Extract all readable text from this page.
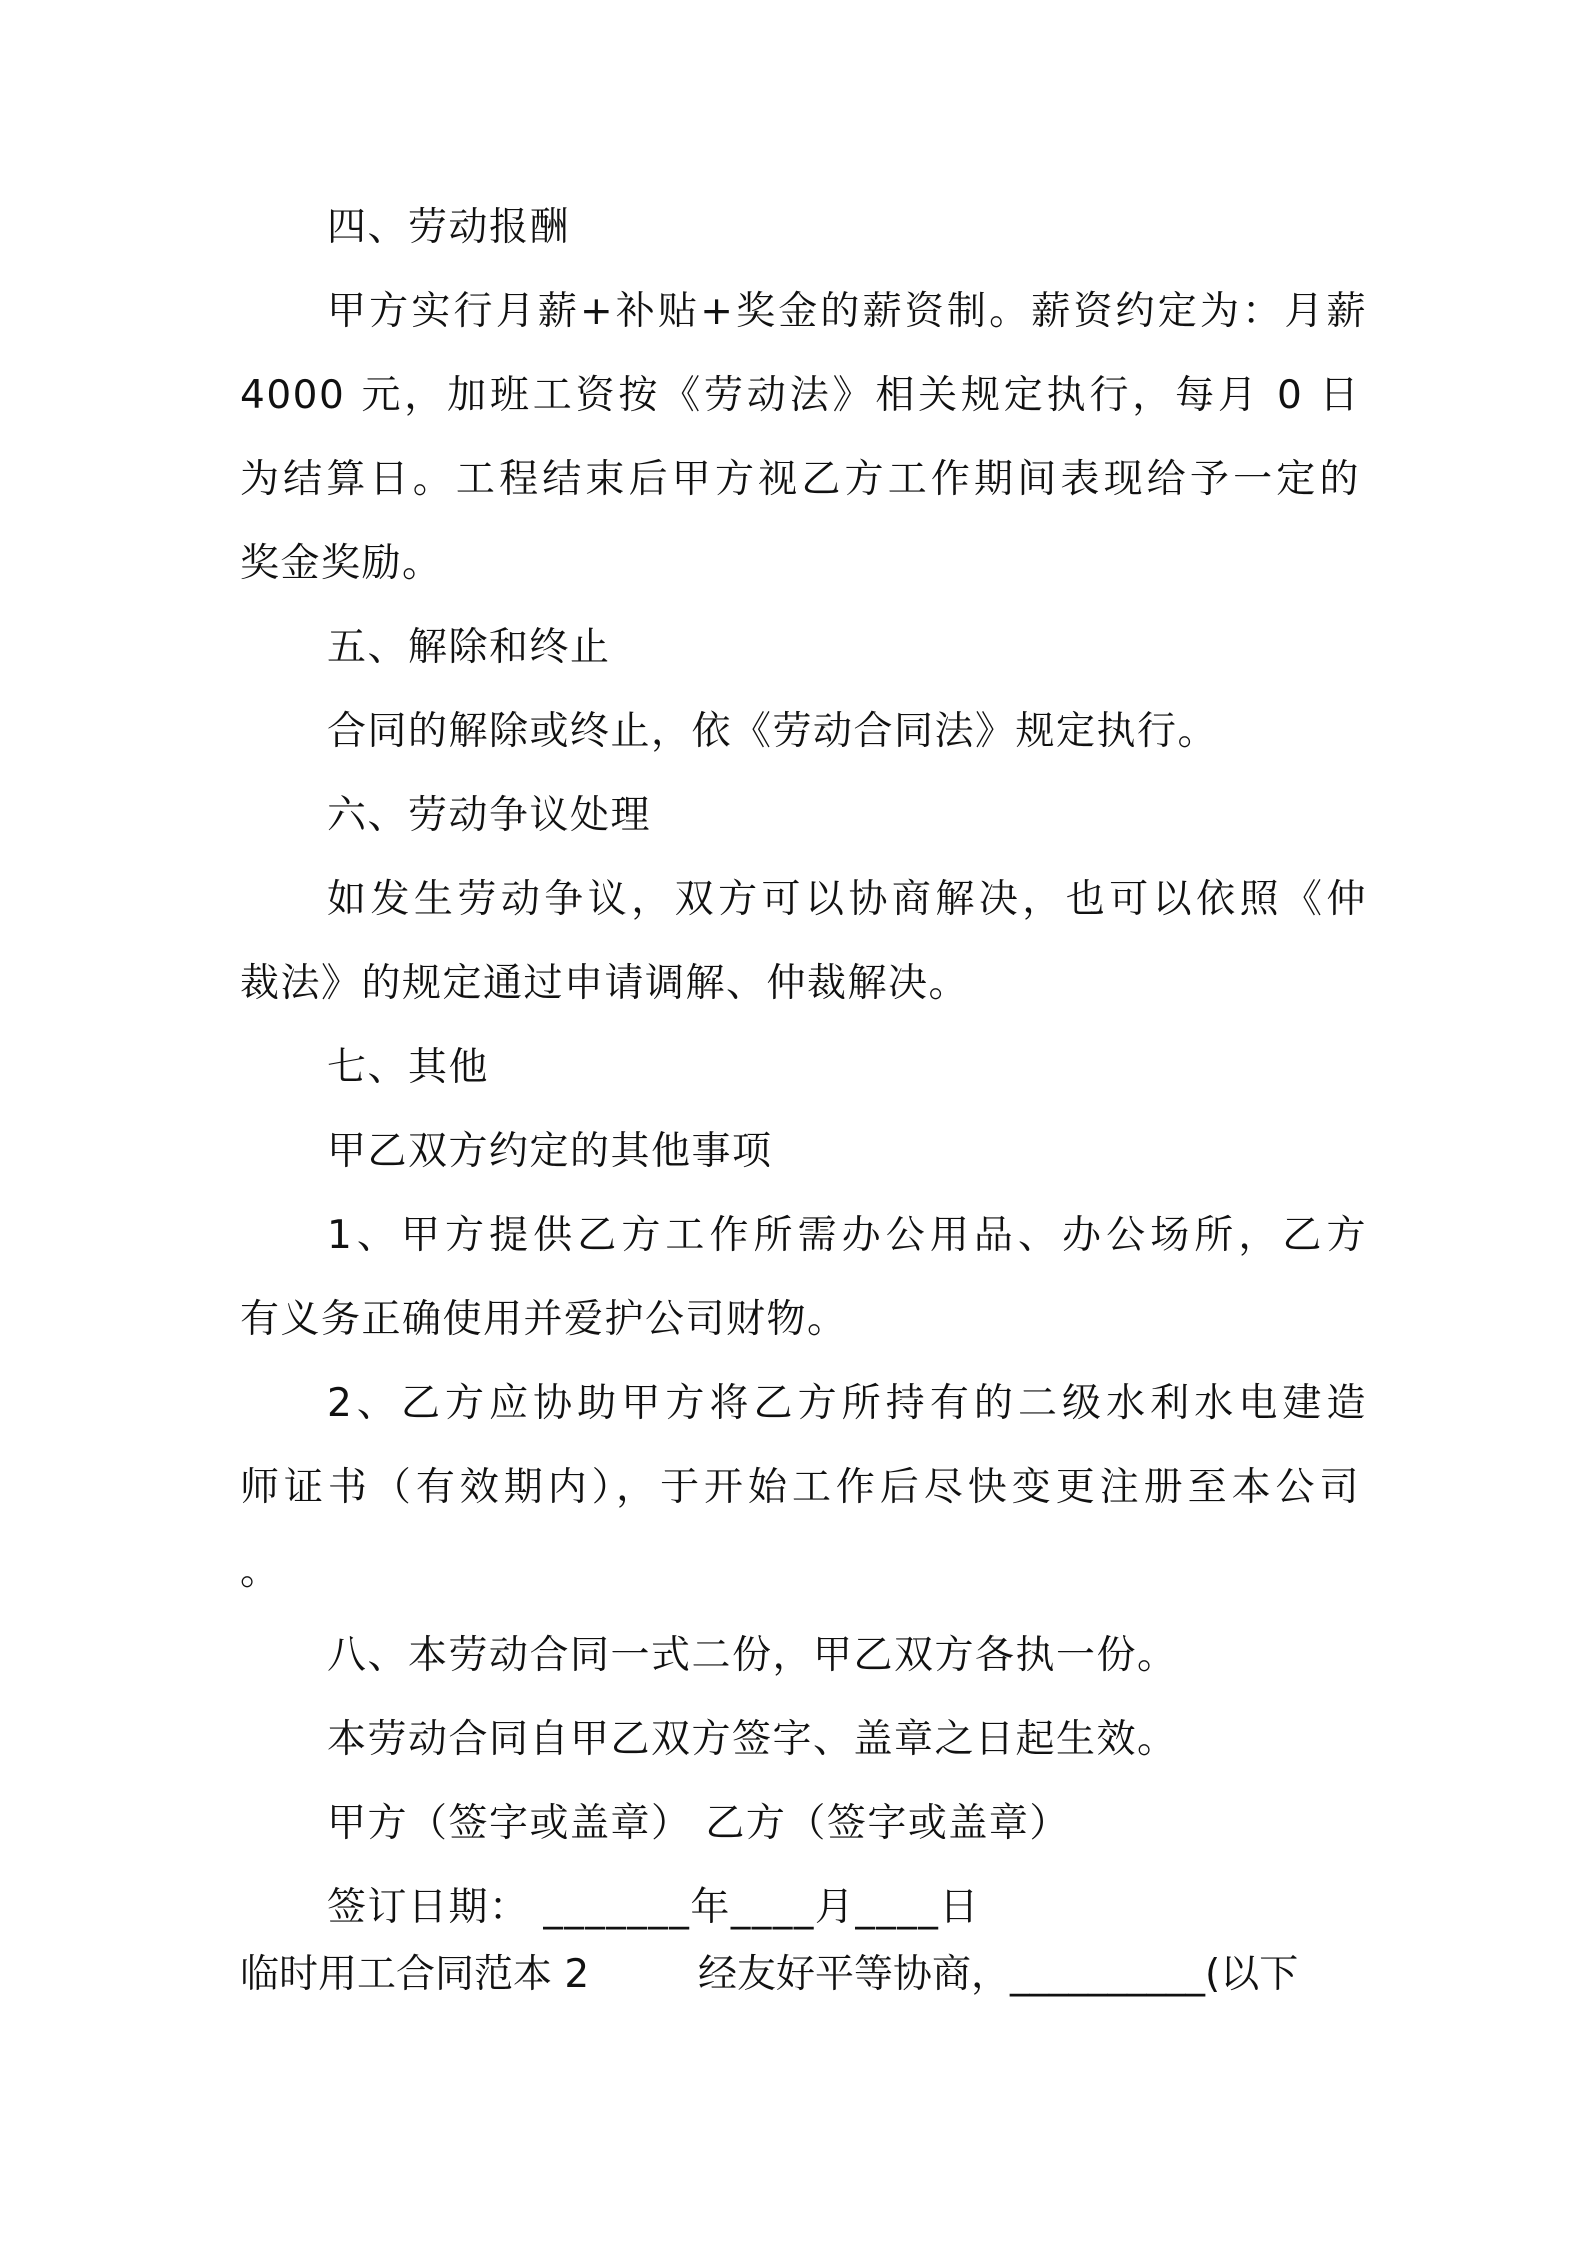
四、劳动报酬
甲方实行月薪+补贴+奖金的薪资制。薪资约定为：月薪
4000 元，加班工资按《劳动法》相关规定执行，每月 0 日
为结算日。工程结束后甲方视乙方工作期间表现给予一定的
奖金奖励。
五、解除和终止
合同的解除或终止，依《劳动合同法》规定执行。
六、劳动争议处理
如发生劳动争议，双方可以协商解决，也可以依照《仲
裁法》的规定通过申请调解、仲裁解决。
七、其他
甲乙双方约定的其他事项
1、甲方提供乙方工作所需办公用品、办公场所，乙方
有义务正确使用并爱护公司财物。
2、乙方应协助甲方将乙方所持有的二级水利水电建造
师证书（有效期内），于开始工作后尽快变更注册至本公司
。
八、本劳动合同一式二份，甲乙双方各执一份。
本劳动合同自甲乙双方签字、盖章之日起生效。
甲方（签字或盖章） 乙方（签字或盖章）
签订日期： _______年____月____日
临时用工合同范本 2	经友好平等协商，__________(以下
